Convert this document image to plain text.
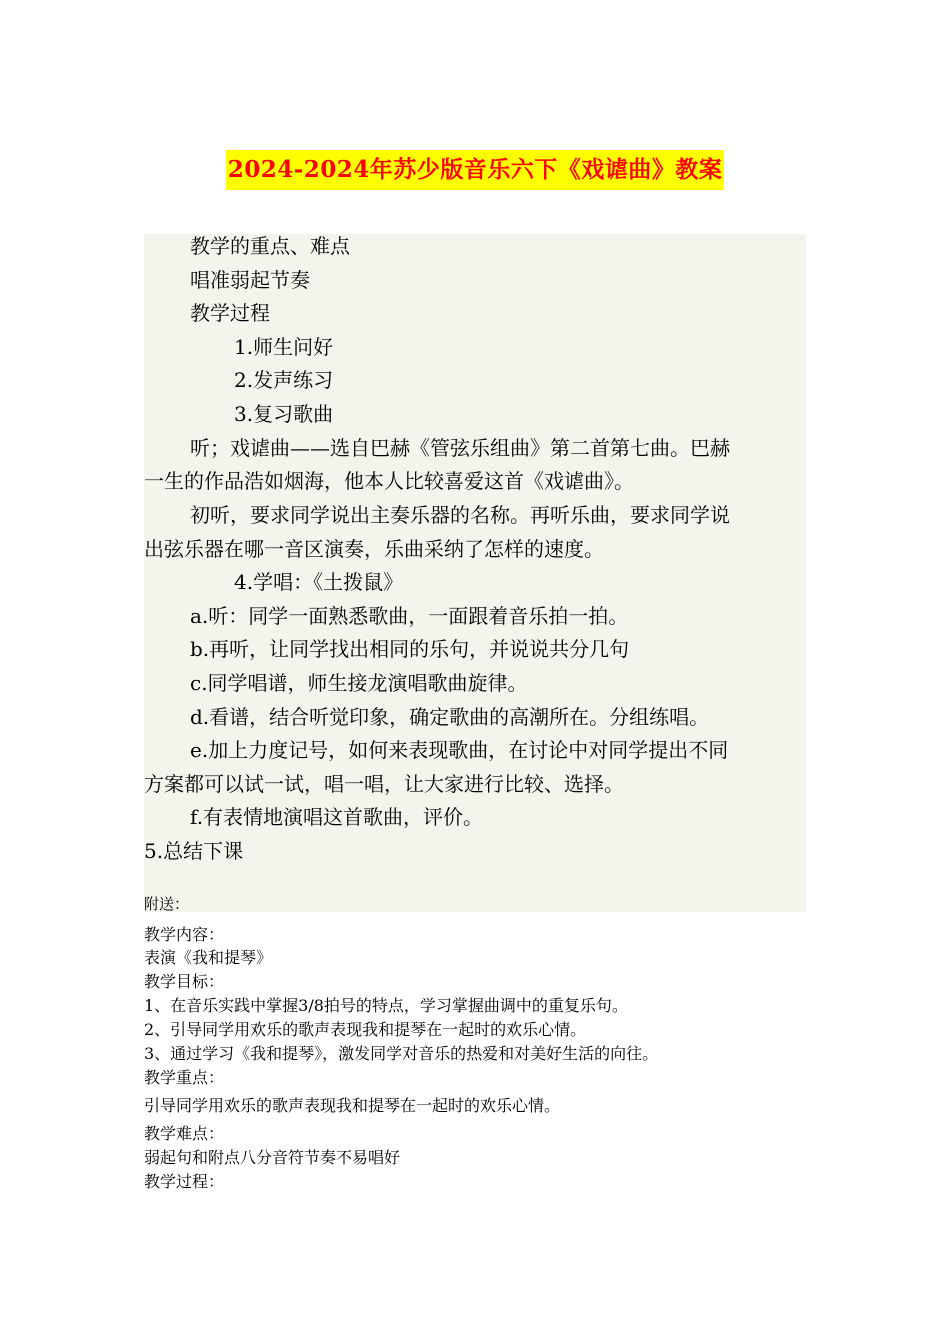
2024-2024年苏少版音乐六下《戏谑曲》教案
教学的重点、难点
唱准弱起节奏
教学过程
1.师生问好
2.发声练习
3.复习歌曲
听；戏谑曲——选自巴赫《管弦乐组曲》第二首第七曲。巴赫
一生的作品浩如烟海，他本人比较喜爱这首《戏谑曲》。
初听，要求同学说出主奏乐器的名称。再听乐曲，要求同学说
出弦乐器在哪一音区演奏，乐曲采纳了怎样的速度。
4.学唱：《土拨鼠》
a.听：同学一面熟悉歌曲，一面跟着音乐拍一拍。
b.再听，让同学找出相同的乐句，并说说共分几句
c.同学唱谱，师生接龙演唱歌曲旋律。
d.看谱，结合听觉印象，确定歌曲的高潮所在。分组练唱。
e.加上力度记号，如何来表现歌曲，在讨论中对同学提出不同
方案都可以试一试，唱一唱，让大家进行比较、选择。
f.有表情地演唱这首歌曲，评价。
5.总结下课
附送：
教学内容：
表演《我和提琴》
教学目标：
1、在音乐实践中掌握3/8拍号的特点，学习掌握曲调中的重复乐句。
2、引导同学用欢乐的歌声表现我和提琴在一起时的欢乐心情。
3、通过学习《我和提琴》，激发同学对音乐的热爱和对美好生活的向往。
教学重点：
引导同学用欢乐的歌声表现我和提琴在一起时的欢乐心情。
教学难点：
弱起句和附点八分音符节奏不易唱好
教学过程：
